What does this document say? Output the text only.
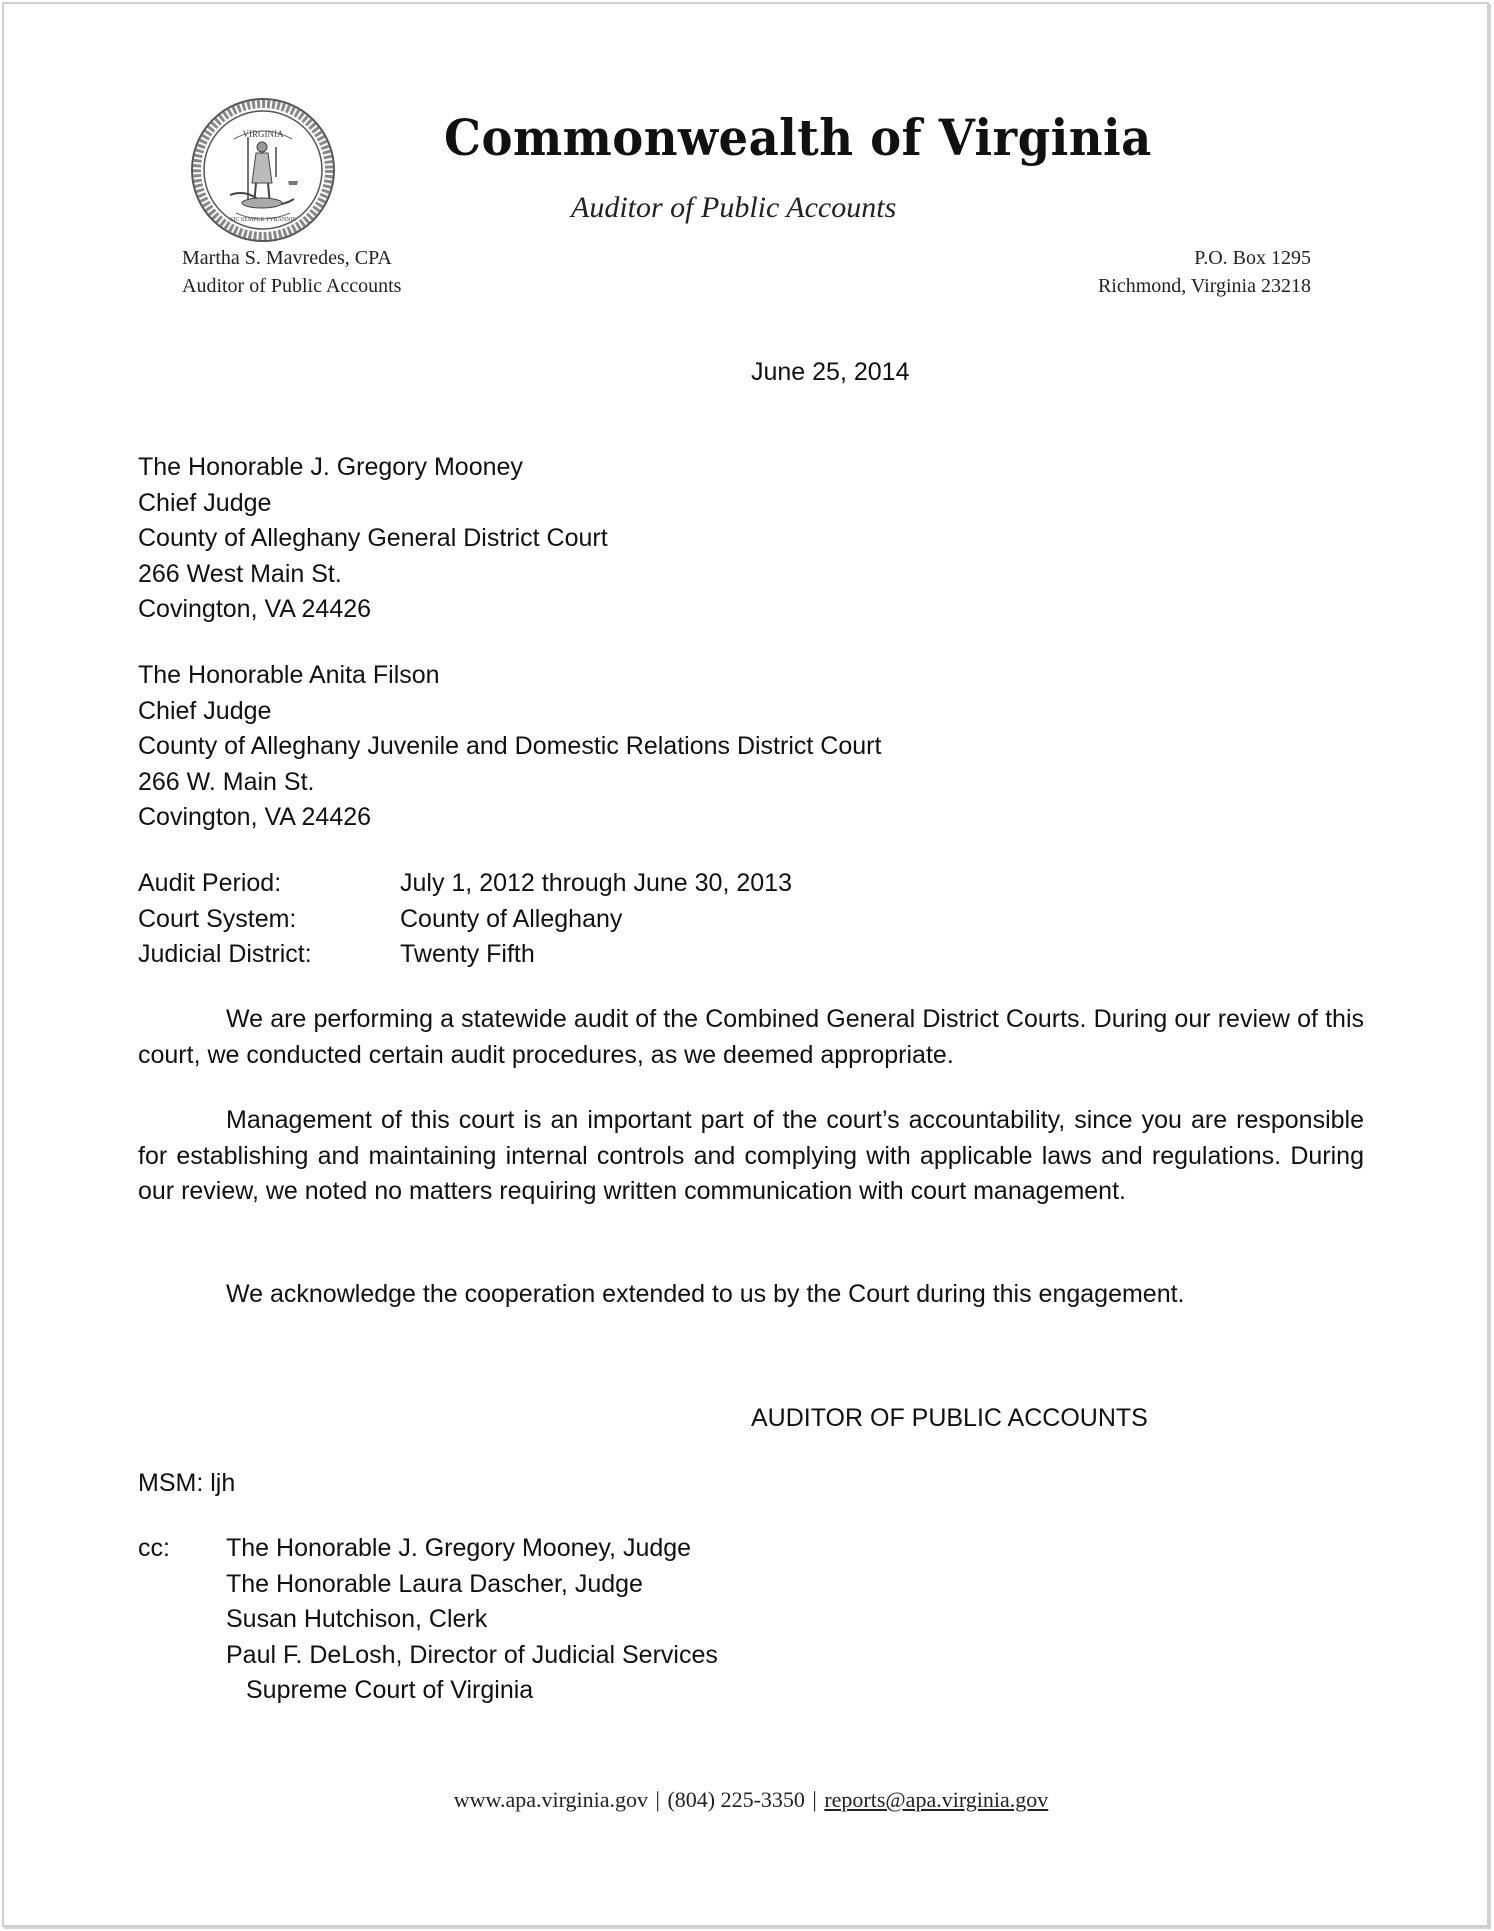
VIRGINIA
SIC SEMPER TYRANNIS
Commonwealth of Virginia
Auditor of Public Accounts
Martha S. Mavredes, CPA
Auditor of Public Accounts
P.O. Box 1295
Richmond, Virginia 23218
June 25, 2014
The Honorable J. Gregory Mooney
Chief Judge
County of Alleghany General District Court
266 West Main St.
Covington, VA 24426
The Honorable Anita Filson
Chief Judge
County of Alleghany Juvenile and Domestic Relations District Court
266 W. Main St.
Covington, VA 24426
Audit Period:	July 1, 2012 through June 30, 2013
Court System:	County of Alleghany
Judicial District:	Twenty Fifth

We are performing a statewide audit of the Combined General District Courts. During our review of this court, we conducted certain audit procedures, as we deemed appropriate.

Management of this court is an important part of the court’s accountability, since you are responsible for establishing and maintaining internal controls and complying with applicable laws and regulations. During our review, we noted no matters requiring written communication with court management.

We acknowledge the cooperation extended to us by the Court during this engagement.

AUDITOR OF PUBLIC ACCOUNTS
MSM: ljh
cc:	The Honorable J. Gregory Mooney, Judge
The Honorable Laura Dascher, Judge
Susan Hutchison, Clerk
Paul F. DeLosh, Director of Judicial Services
Supreme Court of Virginia
www.apa.virginia.gov | (804) 225-3350 | reports@apa.virginia.gov
